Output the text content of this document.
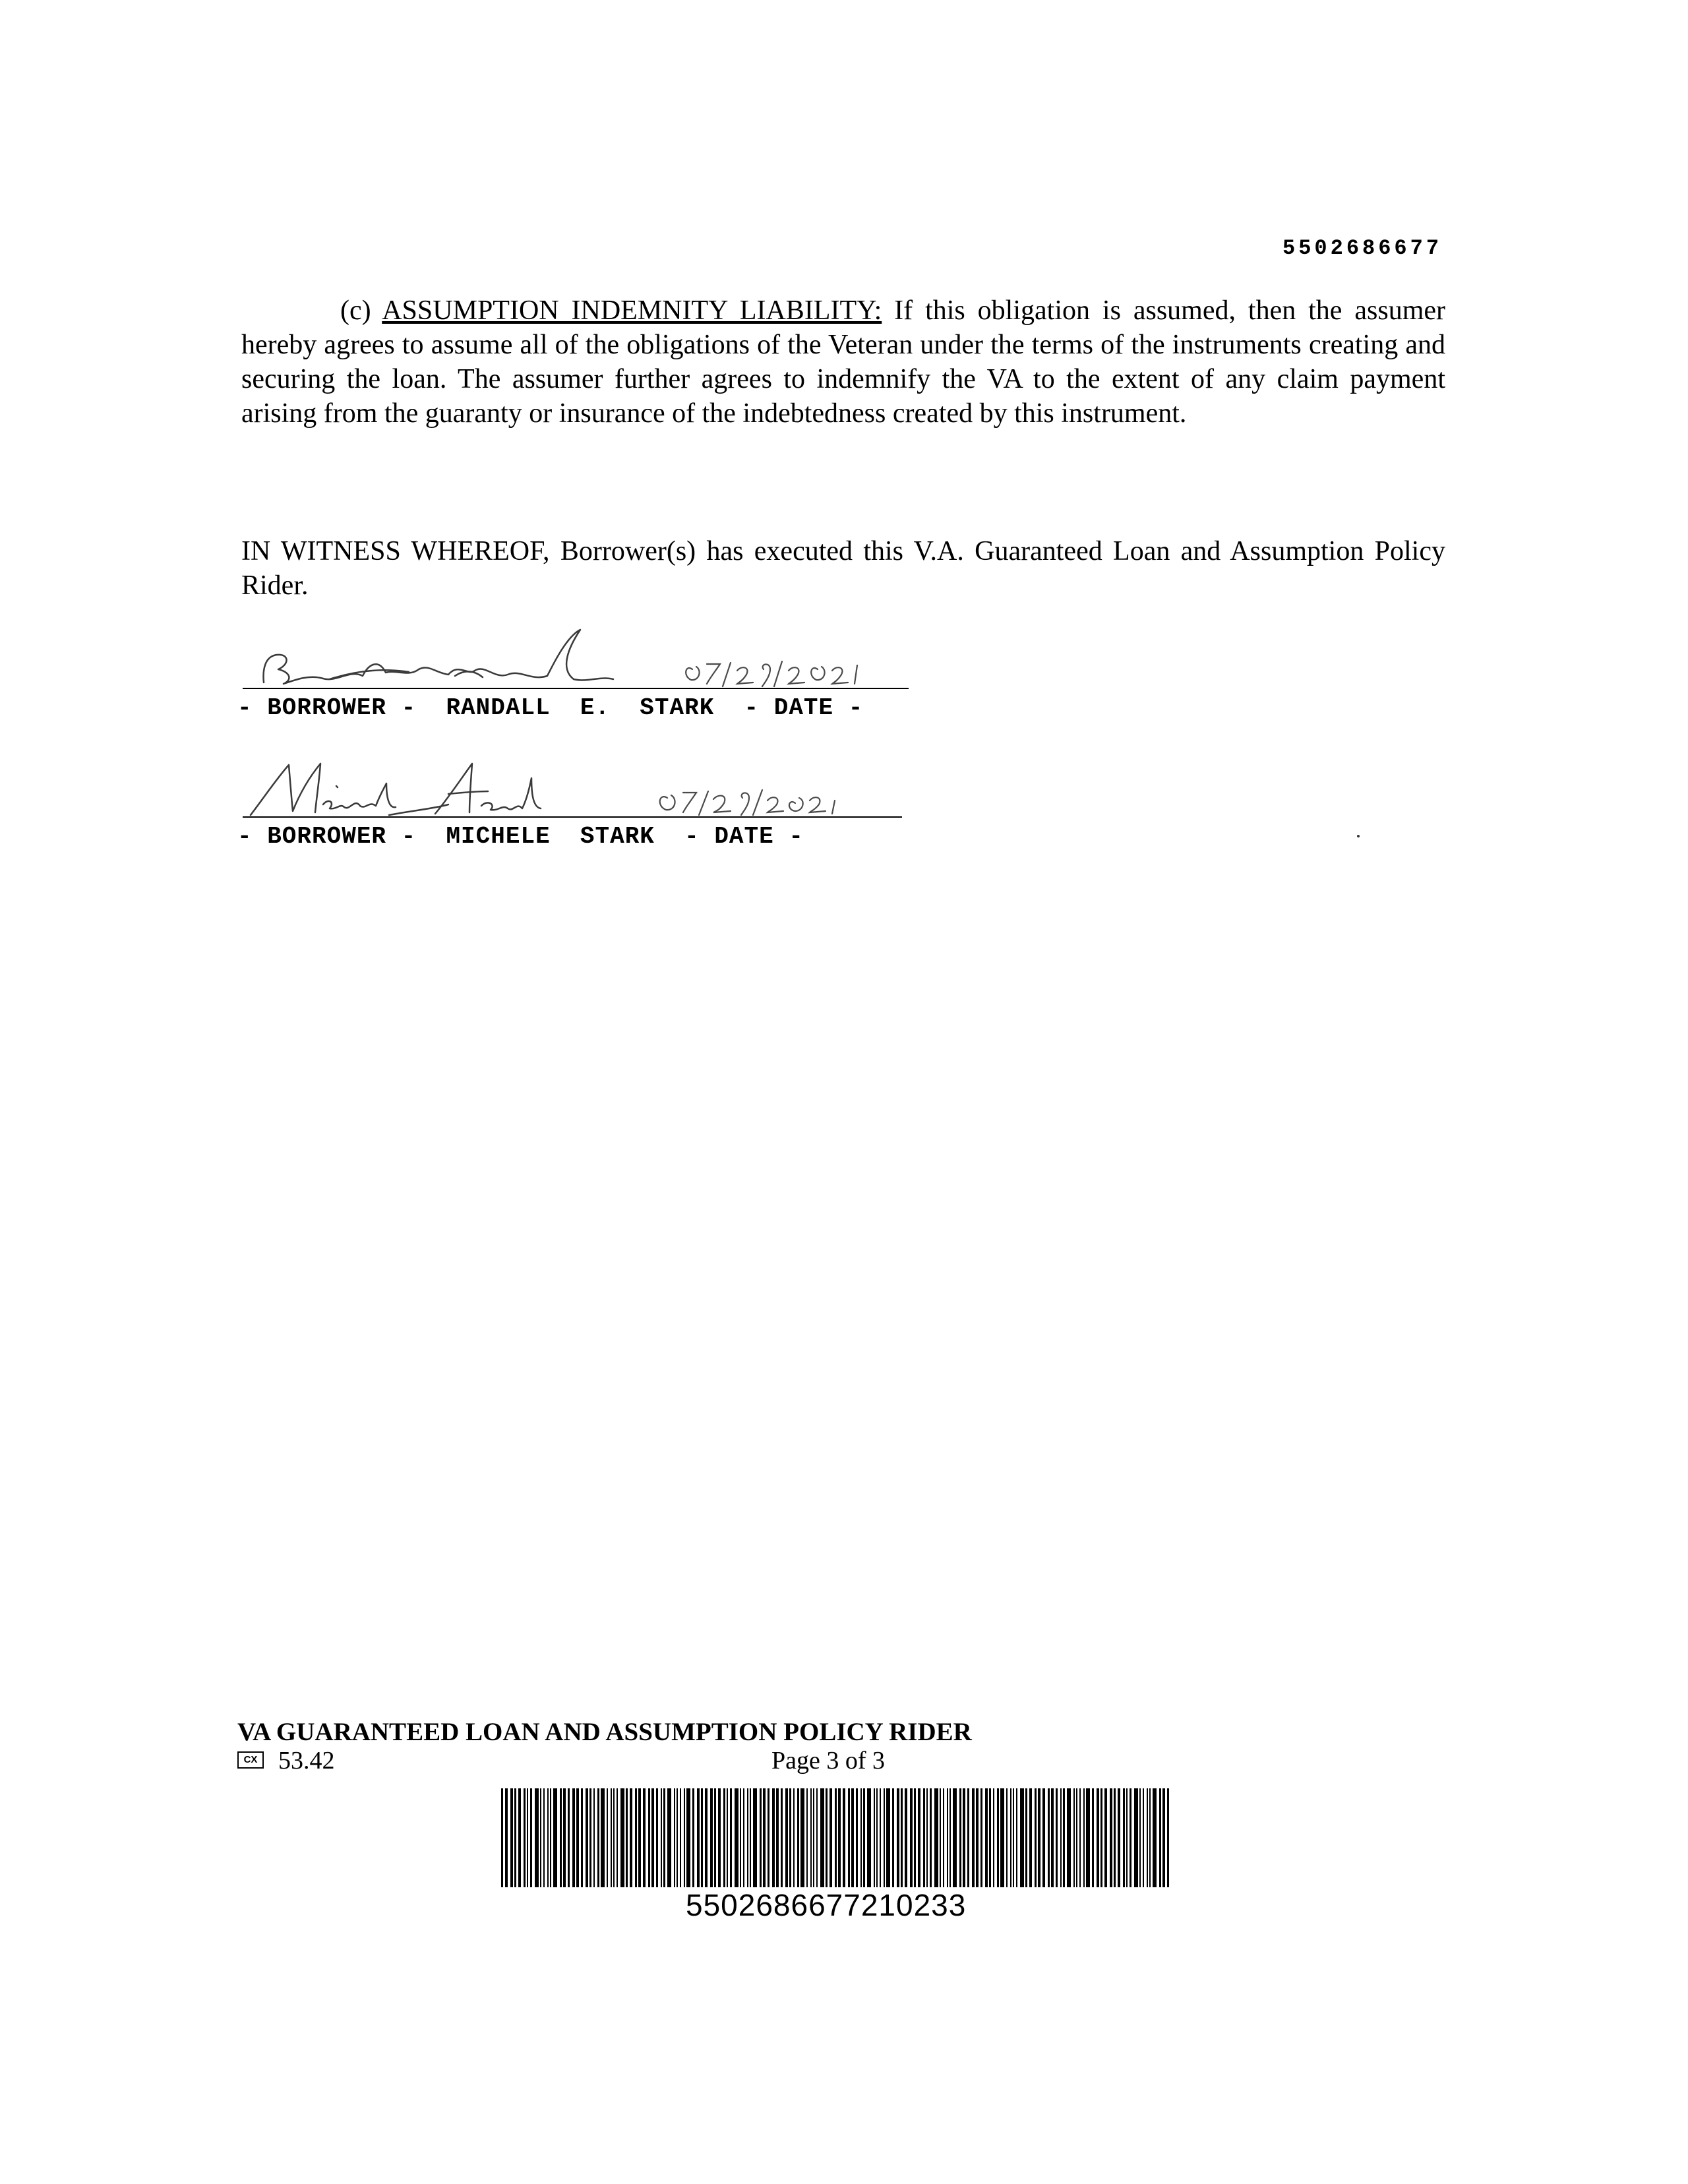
5502686677
(c) ASSUMPTION INDEMNITY LIABILITY: If this obligation is assumed, then the assumer hereby agrees to assume all of the obligations of the Veteran under the terms of the instruments creating and securing the loan. The assumer further agrees to indemnify the VA to the extent of any claim payment arising from the guaranty or insurance of the indebtedness created by this instrument.
IN WITNESS WHEREOF, Borrower(s) has executed this V.A. Guaranteed Loan and Assumption Policy Rider.
- BORROWER -  RANDALL  E.  STARK  - DATE -
- BORROWER -  MICHELE  STARK  - DATE -
VA GUARANTEED LOAN AND ASSUMPTION POLICY RIDER
CX 53.42	Page 3 of 3
5502686677210233
